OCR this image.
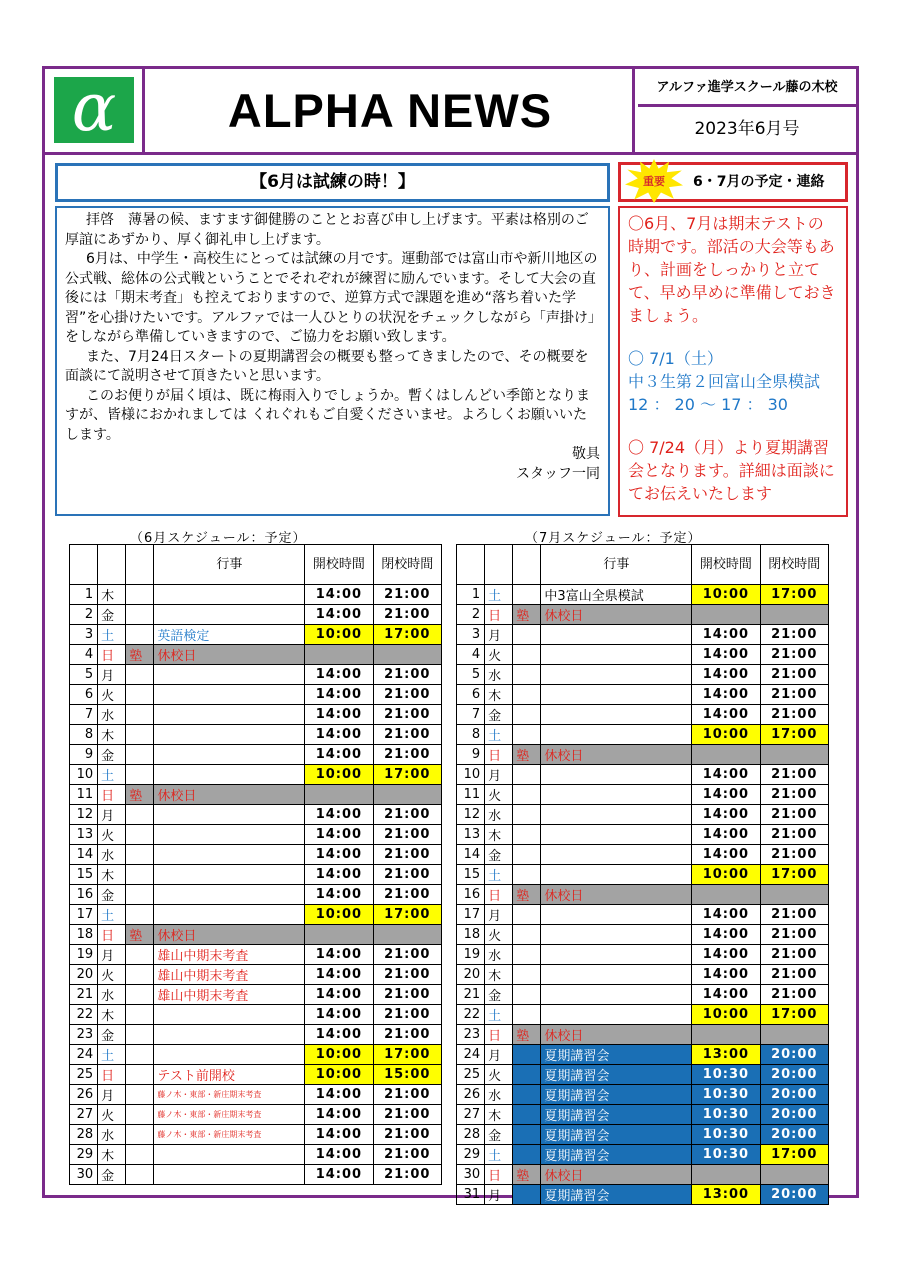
α	ALPHA NEWS	アルファ進学スクール藤の木校
2023年6月号
【6月は試練の時！】

拝啓　薄暑の候、ますます御健勝のこととお喜び申し上げます。平素は格別のご厚誼にあずかり、厚く御礼申し上げます。

6月は、中学生・高校生にとっては試練の月です。運動部では富山市や新川地区の公式戦、総体の公式戦ということでそれぞれが練習に励んでいます。そして大会の直後には「期末考査」も控えておりますので、逆算方式で課題を進め“落ち着いた学習”を心掛けたいです。アルファでは一人ひとりの状況をチェックしながら「声掛け」をしながら準備していきますので、ご協力をお願い致します。

また、7月24日スタートの夏期講習会の概要も整ってきましたので、その概要を面談にて説明させて頂きたいと思います。

このお便りが届く頃は、既に梅雨入りでしょうか。暫くはしんどい季節となりますが、皆様におかれましては くれぐれもご自愛くださいませ。よろしくお願いいたします。

敬具

スタッフ一同

重要	6・7月の予定・連絡

〇6月、7月は期末テストの時期です。部活の大会等もあり、計画をしっかりと立てて、早め早めに準備しておきましょう。

〇 7/1（土）

中３生第２回富山全県模試 12 ： 20 ～ 17 ： 30

〇 7/24（月）より夏期講習会となります。詳細は面談にてお伝えいたします

（6月スケジュール：予定）	（7月スケジュール：予定）
			行事	開校時間	閉校時間
1	木			14:00	21:00
2	金			14:00	21:00
3	土		英語検定	10:00	17:00
4	日	塾	休校日		
5	月			14:00	21:00
6	火			14:00	21:00
7	水			14:00	21:00
8	木			14:00	21:00
9	金			14:00	21:00
10	土			10:00	17:00
11	日	塾	休校日		
12	月			14:00	21:00
13	火			14:00	21:00
14	水			14:00	21:00
15	木			14:00	21:00
16	金			14:00	21:00
17	土			10:00	17:00
18	日	塾	休校日		
19	月		雄山中期末考査	14:00	21:00
20	火		雄山中期末考査	14:00	21:00
21	水		雄山中期末考査	14:00	21:00
22	木			14:00	21:00
23	金			14:00	21:00
24	土			10:00	17:00
25	日		テスト前開校	10:00	15:00
26	月		藤ノ木・東部・新庄期末考査	14:00	21:00
27	火		藤ノ木・東部・新庄期末考査	14:00	21:00
28	水		藤ノ木・東部・新庄期末考査	14:00	21:00
29	木			14:00	21:00
30	金			14:00	21:00
			行事	開校時間	閉校時間
1	土		中3富山全県模試	10:00	17:00
2	日	塾	休校日		
3	月			14:00	21:00
4	火			14:00	21:00
5	水			14:00	21:00
6	木			14:00	21:00
7	金			14:00	21:00
8	土			10:00	17:00
9	日	塾	休校日		
10	月			14:00	21:00
11	火			14:00	21:00
12	水			14:00	21:00
13	木			14:00	21:00
14	金			14:00	21:00
15	土			10:00	17:00
16	日	塾	休校日		
17	月			14:00	21:00
18	火			14:00	21:00
19	水			14:00	21:00
20	木			14:00	21:00
21	金			14:00	21:00
22	土			10:00	17:00
23	日	塾	休校日		
24	月		夏期講習会	13:00	20:00
25	火		夏期講習会	10:30	20:00
26	水		夏期講習会	10:30	20:00
27	木		夏期講習会	10:30	20:00
28	金		夏期講習会	10:30	20:00
29	土		夏期講習会	10:30	17:00
30	日	塾	休校日		
31	月		夏期講習会	13:00	20:00
